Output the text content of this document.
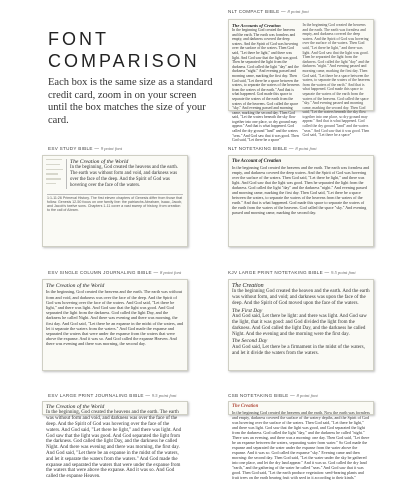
FONT
COMPARISON
Each box is the same size as a standard credit card, zoom in on your screen until the box matches the size of your card.
NLT COMPACT BIBLE — 8 point font
The Accounts of Creation
In the beginning God created the heavens and the earth. The earth was formless and empty, and darkness covered the deep waters. And the Spirit of God was hovering over the surface of the waters. Then God said, "Let there be light," and there was light. And God saw that the light was good. Then he separated the light from the darkness. God called the light "day" and the darkness "night." And evening passed and morning came, marking the first day. Then God said, "Let there be a space between the waters, to separate the waters of the heavens from the waters of the earth." And that is what happened. God made this space to separate the waters of the earth from the waters of the heavens. God called the space "sky." And evening passed and morning came, marking the second day. Then God said, "Let the waters beneath the sky flow together into one place, so dry ground may appear." And that is what happened. God called the dry ground "land" and the waters "seas." And God saw that it was good. Then God said, "Let there be a space"
In the beginning God created the heavens and the earth. The earth was formless and empty, and darkness covered the deep waters. And the Spirit of God was hovering over the surface of the waters. Then God said, "Let there be light," and there was light. And God saw that the light was good. Then he separated the light from the darkness. God called the light "day" and the darkness "night." And evening passed and morning came, marking the first day. Then God said, "Let there be a space between the waters, to separate the waters of the heavens from the waters of the earth." And that is what happened. God made this space to separate the waters of the earth from the waters of the heavens. God called the space "sky." And evening passed and morning came, marking the second day. Then God said, "Let the waters beneath the sky flow together into one place, so dry ground may appear." And that is what happened. God called the dry ground "land" and the waters "seas." And God saw that it was good. Then God said, "Let there be a space"
ESV STUDY BIBLE — 9 point font
The Creation of the World
In the beginning, God created the heavens and the earth. The earth was without form and void, and darkness was over the face of the deep. And the Spirit of God was hovering over the face of the waters.
1:1-11:26 Primeval History. The first eleven chapters of Genesis differ from those that follow. Genesis 12-50 focus on one family line: the patriarchs Abraham, Isaac, Jacob, and Jacob's twelve sons. Chapters 1-11 cover a vast sweep of history, from creation to the call of Abram.
NLT NOTETAKING BIBLE — 8 point font
The Account of Creation
In the beginning God created the heavens and the earth. The earth was formless and empty, and darkness covered the deep waters. And the Spirit of God was hovering over the surface of the waters. Then God said, "Let there be light," and there was light. And God saw that the light was good. Then he separated the light from the darkness. God called the light "day" and the darkness "night." And evening passed and morning came, marking the first day. Then God said, "Let there be a space between the waters, to separate the waters of the heavens from the waters of the earth." And that is what happened. God made this space to separate the waters of the earth from the waters of the heavens. God called the space "sky." And evening passed and morning came, marking the second day.
ESV SINGLE COLUMN JOURNALING BIBLE — 8 point font
The Creation of the World
In the beginning, God created the heavens and the earth. The earth was without form and void, and darkness was over the face of the deep. And the Spirit of God was hovering over the face of the waters. And God said, "Let there be light," and there was light. And God saw that the light was good. And God separated the light from the darkness. God called the light Day, and the darkness he called Night. And there was evening and there was morning, the first day. And God said, "Let there be an expanse in the midst of the waters, and let it separate the waters from the waters." And God made the expanse and separated the waters that were under the expanse from the waters that were above the expanse. And it was so. And God called the expanse Heaven. And there was evening and there was morning, the second day.
KJV LARGE PRINT NOTETAKING BIBLE — 9.5 point font
The Creation
In the beginning God created the heaven and the earth. And the earth was without form, and void; and darkness was upon the face of the deep. And the Spirit of God moved upon the face of the waters.
The First Day
And God said, Let there be light: and there was light. And God saw the light, that it was good: and God divided the light from the darkness. And God called the light Day, and the darkness he called Night. And the evening and the morning were the first day.
The Second Day
And God said, Let there be a firmament in the midst of the waters, and let it divide the waters from the waters.
ESV LARGE PRINT JOURNALING BIBLE — 9.5 point font
The Creation of the World
In the beginning, God created the heavens and the earth. The earth was without form and void, and darkness was over the face of the deep. And the Spirit of God was hovering over the face of the waters. And God said, "Let there be light," and there was light. And God saw that the light was good. And God separated the light from the darkness. God called the light Day, and the darkness he called Night. And there was evening and there was morning, the first day. And God said, "Let there be an expanse in the midst of the waters, and let it separate the waters from the waters." And God made the expanse and separated the waters that were under the expanse from the waters that were above the expanse. And it was so. And God called the expanse Heaven.
CSB NOTETAKING BIBLE — 8 point font
The Creation
In the beginning God created the heavens and the earth. Now the earth was formless and empty, darkness covered the surface of the watery depths, and the Spirit of God was hovering over the surface of the waters. Then God said, "Let there be light," and there was light. God saw that the light was good, and God separated the light from the darkness. God called the light "day," and the darkness he called "night." There was an evening, and there was a morning: one day. Then God said, "Let there be an expanse between the waters, separating water from water." So God made the expanse and separated the water under the expanse from the water above the expanse. And it was so. God called the expanse "sky." Evening came and then morning: the second day. Then God said, "Let the water under the sky be gathered into one place, and let the dry land appear." And it was so. God called the dry land "earth," and the gathering of the water he called "seas." And God saw that it was good. Then God said, "Let the earth produce vegetation: seed-bearing plants and fruit trees on the earth bearing fruit with seed in it according to their kinds."
